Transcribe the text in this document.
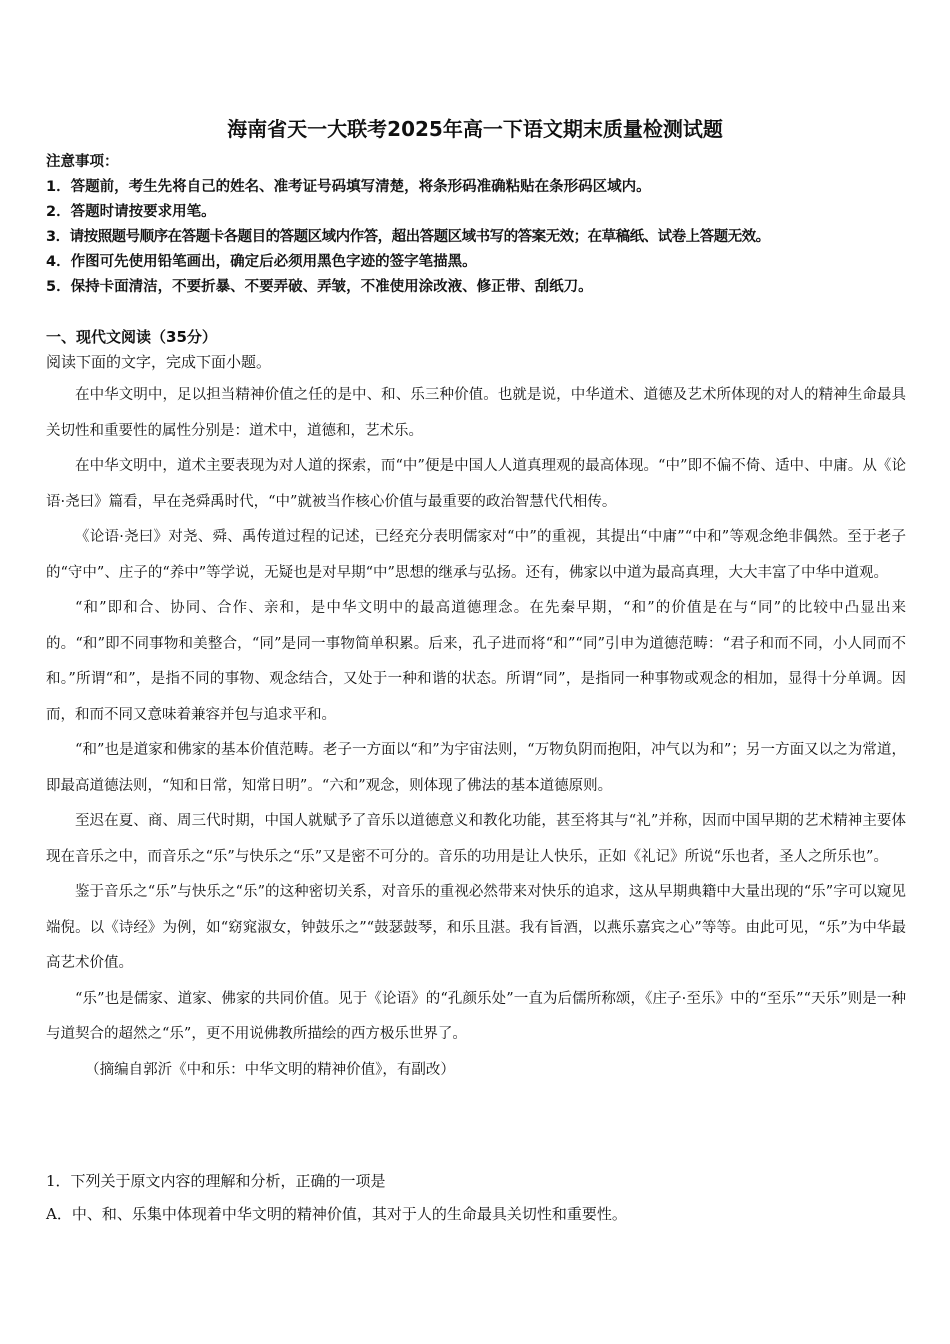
海南省天一大联考2025年高一下语文期末质量检测试题
注意事项：
1．答题前，考生先将自己的姓名、准考证号码填写清楚，将条形码准确粘贴在条形码区域内。
2．答题时请按要求用笔。
3．请按照题号顺序在答题卡各题目的答题区域内作答，超出答题区域书写的答案无效；在草稿纸、试卷上答题无效。
4．作图可先使用铅笔画出，确定后必须用黑色字迹的签字笔描黑。
5．保持卡面清洁，不要折暴、不要弄破、弄皱，不准使用涂改液、修正带、刮纸刀。
一、现代文阅读（35分）
阅读下面的文字，完成下面小题。

在中华文明中，足以担当精神价值之任的是中、和、乐三种价值。也就是说，中华道术、道德及艺术所体现的对人的精神生命最具关切性和重要性的属性分别是：道术中，道德和，艺术乐。

在中华文明中，道术主要表现为对人道的探索，而“中”便是中国人人道真理观的最高体现。“中”即不偏不倚、适中、中庸。从《论语·尧曰》篇看，早在尧舜禹时代，“中”就被当作核心价值与最重要的政治智慧代代相传。

《论语·尧曰》对尧、舜、禹传道过程的记述，已经充分表明儒家对“中”的重视，其提出“中庸”“中和”等观念绝非偶然。至于老子的“守中”、庄子的“养中”等学说，无疑也是对早期“中”思想的继承与弘扬。还有，佛家以中道为最高真理，大大丰富了中华中道观。

“和”即和合、协同、合作、亲和，是中华文明中的最高道德理念。在先秦早期，“和”的价值是在与“同”的比较中凸显出来的。“和”即不同事物和美整合，“同”是同一事物简单积累。后来，孔子进而将“和”“同”引申为道德范畴：“君子和而不同，小人同而不和。”所谓“和”，是指不同的事物、观念结合，又处于一种和谐的状态。所谓“同”，是指同一种事物或观念的相加，显得十分单调。因而，和而不同又意味着兼容并包与追求平和。

“和”也是道家和佛家的基本价值范畴。老子一方面以“和”为宇宙法则，“万物负阴而抱阳，冲气以为和”；另一方面又以之为常道，即最高道德法则，“知和日常，知常日明”。“六和”观念，则体现了佛法的基本道德原则。

至迟在夏、商、周三代时期，中国人就赋予了音乐以道德意义和教化功能，甚至将其与“礼”并称，因而中国早期的艺术精神主要体现在音乐之中，而音乐之“乐”与快乐之“乐”又是密不可分的。音乐的功用是让人快乐，正如《礼记》所说“乐也者，圣人之所乐也”。

鉴于音乐之“乐”与快乐之“乐”的这种密切关系，对音乐的重视必然带来对快乐的追求，这从早期典籍中大量出现的“乐”字可以窥见端倪。以《诗经》为例，如“窈窕淑女，钟鼓乐之”“鼓瑟鼓琴，和乐且湛。我有旨酒，以燕乐嘉宾之心”等等。由此可见，“乐”为中华最高艺术价值。

“乐”也是儒家、道家、佛家的共同价值。见于《论语》的“孔颜乐处”一直为后儒所称颂，《庄子·至乐》中的“至乐”“天乐”则是一种与道契合的超然之“乐”，更不用说佛教所描绘的西方极乐世界了。

（摘编自郭沂《中和乐：中华文明的精神价值》，有副改）

1．下列关于原文内容的理解和分析，正确的一项是
A．中、和、乐集中体现着中华文明的精神价值，其对于人的生命最具关切性和重要性。
